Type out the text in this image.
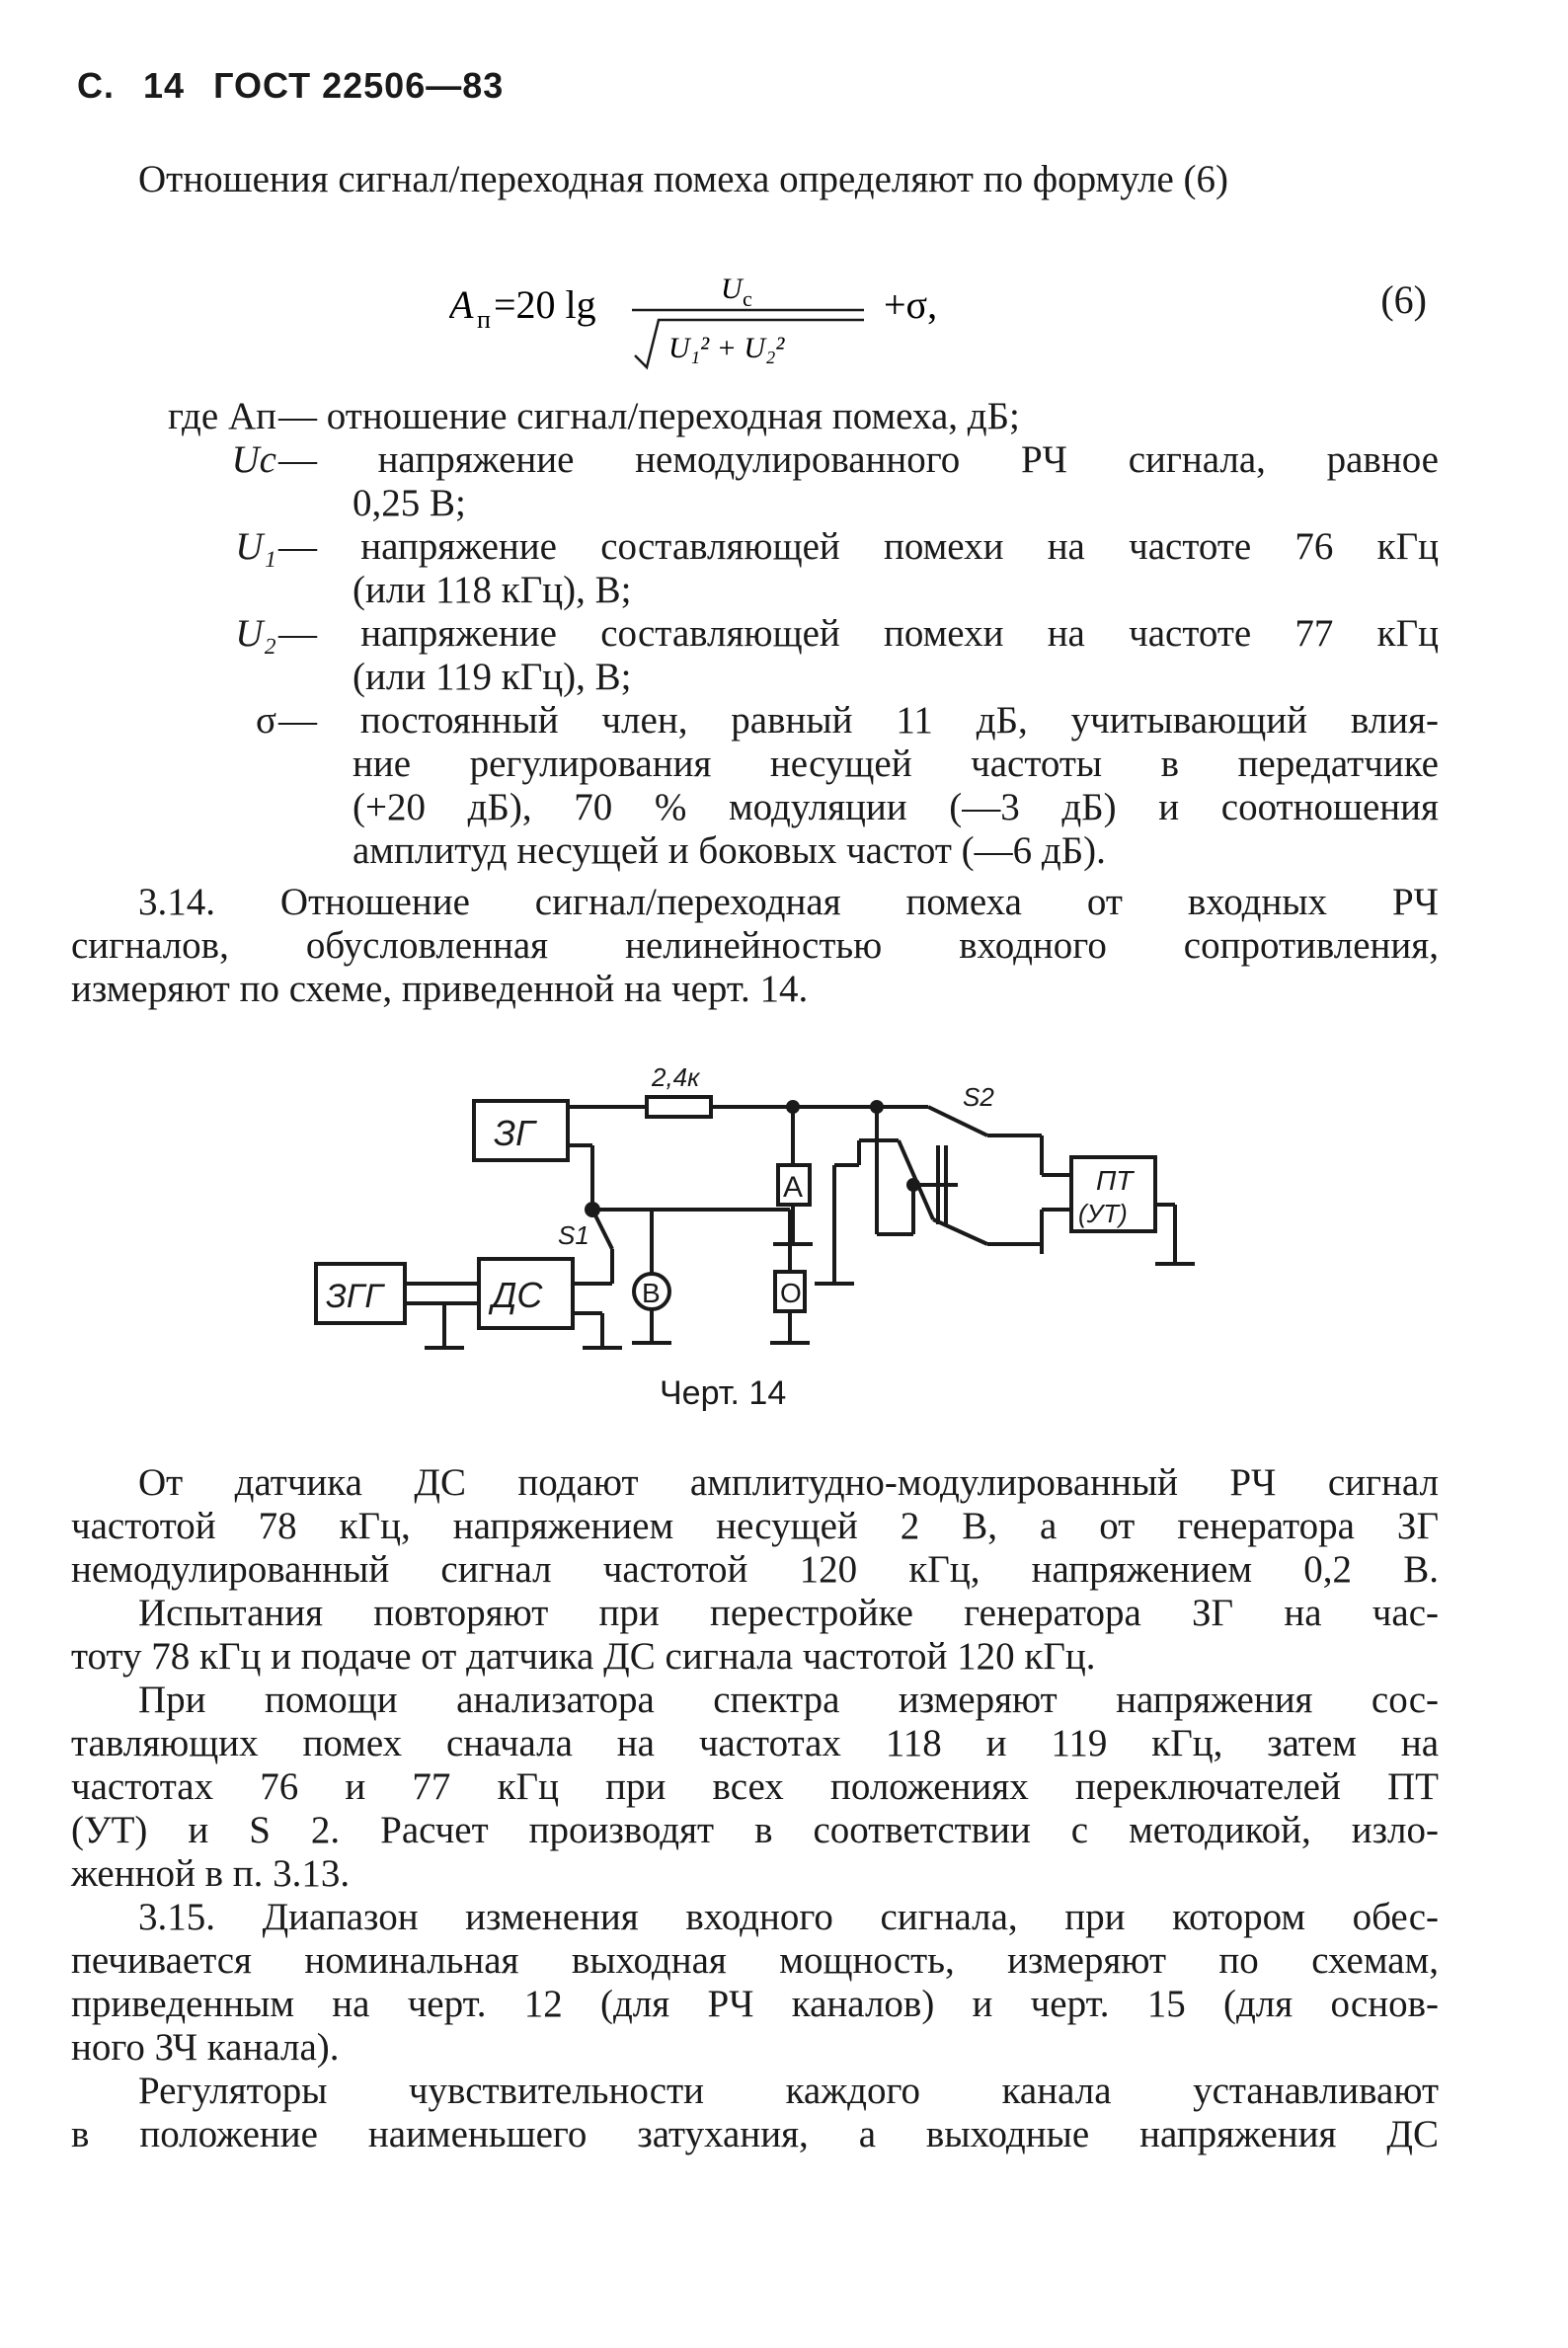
С. 14 ГОСТ 22506—83
Отношения сигнал/переходная помеха определяют по формуле (6)
A п =20 lg	U с
U₁² + U₂²
+σ,	(6)
где Aп — отношение сигнал/переходная помеха, дБ;
Uс — напряжение немодулированного РЧ сигнала, равное
0,25 В;
U₁ — напряжение составляющей помехи на частоте 76 кГц
(или 118 кГц), В;
U₂ — напряжение составляющей помехи на частоте 77 кГц
(или 119 кГц), В;
σ — постоянный член, равный 11 дБ, учитывающий влия-
ние регулирования несущей частоты в передатчике
(+20 дБ), 70 % модуляции (—3 дБ) и соотношения
амплитуд несущей и боковых частот (—6 дБ).
3.14. Отношение сигнал/переходная помеха от входных РЧ
сигналов, обусловленная нелинейностью входного сопротивления,
измеряют по схеме, приведенной на черт. 14.
2,4к
ЗГ
ЗГГ	ДС
А
В	О
S1
S2
ПТ
(УТ)
Черт. 14
От датчика ДС подают амплитудно-модулированный РЧ сигнал
частотой 78 кГц, напряжением несущей 2 В, а от генератора ЗГ
немодулированный сигнал частотой 120 кГц, напряжением 0,2 В.
Испытания повторяют при перестройке генератора ЗГ на час-
тоту 78 кГц и подаче от датчика ДС сигнала частотой 120 кГц.
При помощи анализатора спектра измеряют напряжения сос-
тавляющих помех сначала на частотах 118 и 119 кГц, затем на
частотах 76 и 77 кГц при всех положениях переключателей ПТ
(УТ) и S 2. Расчет производят в соответствии с методикой, изло-
женной в п. 3.13.
3.15. Диапазон изменения входного сигнала, при котором обес-
печивается номинальная выходная мощность, измеряют по схемам,
приведенным на черт. 12 (для РЧ каналов) и черт. 15 (для основ-
ного ЗЧ канала).
Регуляторы чувствительности каждого канала устанавливают
в положение наименьшего затухания, а выходные напряжения ДС
